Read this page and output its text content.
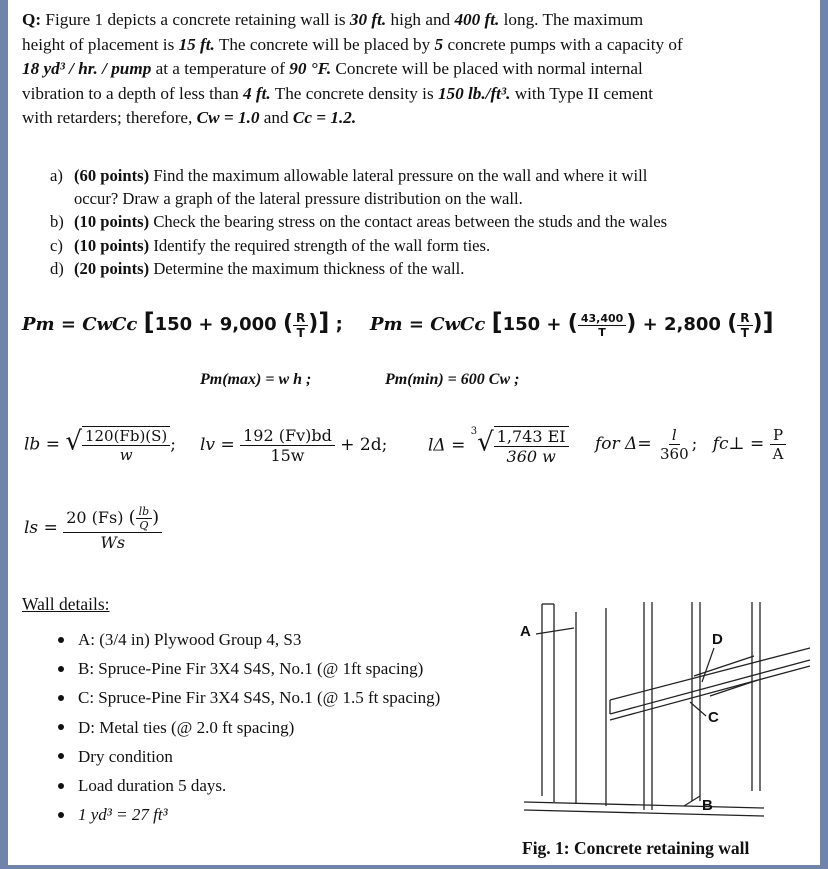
Q: Figure 1 depicts a concrete retaining wall is 30 ft. high and 400 ft. long. The maximum
height of placement is 15 ft. The concrete will be placed by 5 concrete pumps with a capacity of
18 yd³ / hr. / pump at a temperature of 90 °F. Concrete will be placed with normal internal
vibration to a depth of less than 4 ft. The concrete density is 150 lb./ft³. with Type II cement
with retarders; therefore, Cw = 1.0 and Cc = 1.2.
a) (60 points) Find the maximum allowable lateral pressure on the wall and where it will
occur? Draw a graph of the lateral pressure distribution on the wall.
b) (10 points) Check the bearing stress on the contact areas between the studs and the wales
c) (10 points) Identify the required strength of the wall form ties.
d) (20 points) Determine the maximum thickness of the wall.
Pm = CwCc [150 + 9,000 ( $\frac{R}{T}$ )] ; Pm = CwCc [150 + ( $\frac{43,400}{T}$ ) + 2,800 ( $\frac{R}{T}$ )]
Pm(max) = w h ;	Pm(min) = 600 Cw ;
lb = √ $\frac{120(Fb)(S)}{w}$ ; lv = $\frac{192 (Fv)bd}{15w} + 2d$; $l\Delta = ^3√ \frac{1,743 EI}{360 w}$ for $\Delta= \frac{l}{360}$ ; fc⊥ = $\frac{P}{A}$
ls = $\frac{20 (Fs) ( \frac{lb}{Q} )}{Ws}$
Wall details:
A: (3/4 in) Plywood Group 4, S3
B: Spruce-Pine Fir 3X4 S4S, No.1 (@ 1ft spacing)
C: Spruce-Pine Fir 3X4 S4S, No.1 (@ 1.5 ft spacing)
D: Metal ties (@ 2.0 ft spacing)
Dry condition
Load duration 5 days.
1 yd³ = 27 ft³
A	D
C
B
Fig. 1: Concrete retaining wall
